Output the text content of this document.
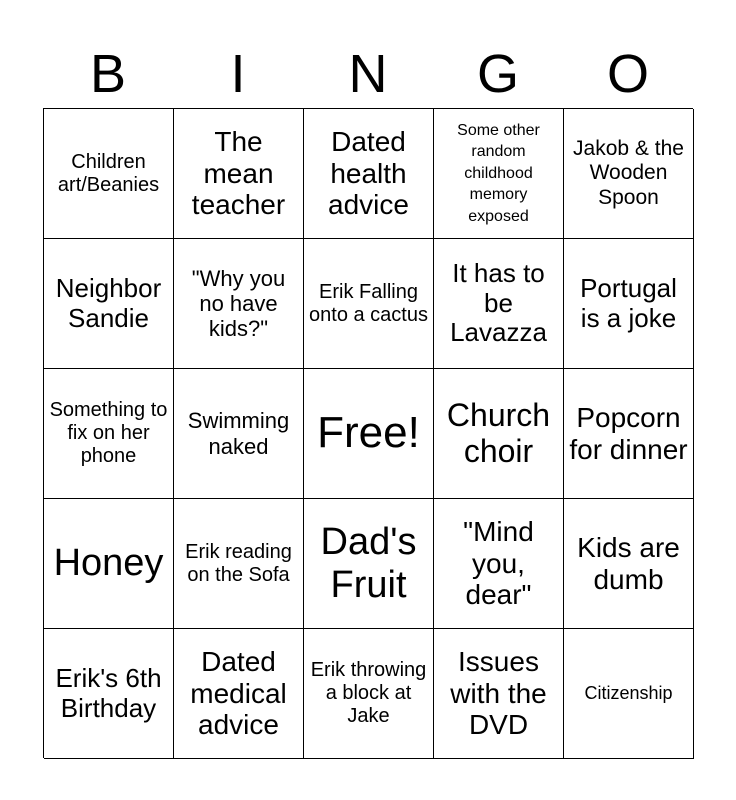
B	I	N	G	O
Children art/Beanies
The mean teacher
Dated health advice
Some other random childhood memory exposed
Jakob & the Wooden Spoon
Neighbor Sandie
"Why you no have kids?"
Erik Falling onto a cactus
It has to be Lavazza
Portugal is a joke
Something to fix on her phone
Swimming naked	Free! Church choir
Popcorn for dinner
Honey	Erik reading on the Sofa
Dad's Fruit
"Mind you, dear"
Kids are dumb
Erik's 6th Birthday
Dated medical advice
Erik throwing a block at Jake
Issues with the DVD
Citizenship
